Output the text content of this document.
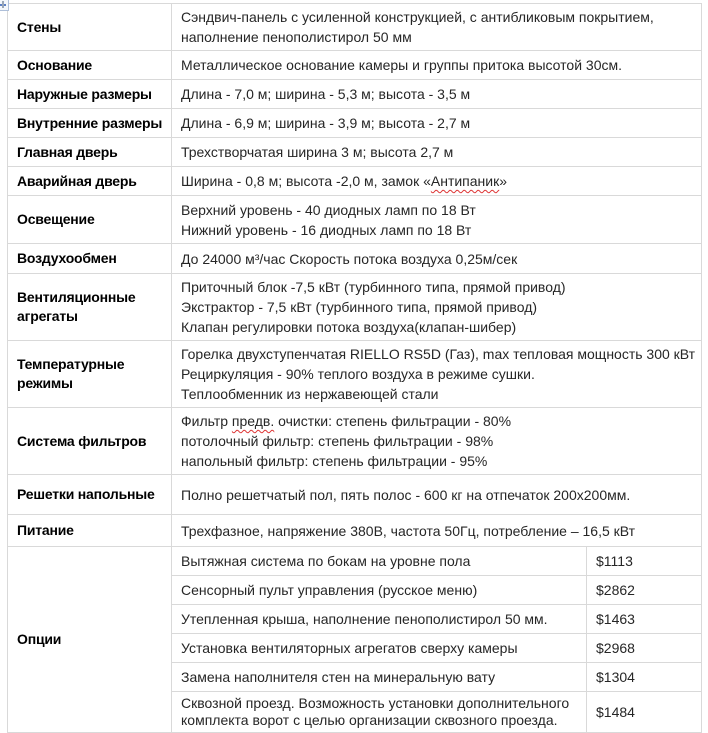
Стены	Сэндвич-панель с усиленной конструкцией, с антибликовым покрытием,
наполнение пенополистирол 50 мм	

Основание	Металлическое основание камеры и группы притока высотой 30см.	

Наружные размеры	Длина - 7,0 м; ширина - 5,3 м; высота - 3,5 м	

Внутренние размеры	Длина - 6,9 м; ширина - 3,9 м; высота - 2,7 м	

Главная дверь	Трехстворчатая ширина 3 м; высота 2,7 м	

Аварийная дверь	Ширина - 0,8 м; высота -2,0 м, замок «Антипаник»	

Освещение	Верхний уровень - 40 диодных ламп по 18 Вт
Нижний уровень - 16 диодных ламп по 18 Вт	

Воздухообмен	До 24000 м³/час Скорость потока воздуха 0,25м/сек	

Вентиляционные агрегаты	Приточный блок -7,5 кВт (турбинного типа, прямой привод)
Экстрактор - 7,5 кВт (турбинного типа, прямой привод)
Клапан регулировки потока воздуха(клапан-шибер)	

Температурные режимы	Горелка двухступенчатая RIELLO RS5D (Газ), max тепловая мощность 300 кВт
Рециркуляция - 90% теплого воздуха в режиме сушки.
Теплообменник из нержавеющей стали	

Система фильтров	Фильтр предв. очистки: степень фильтрации - 80%
потолочный фильтр: степень фильтрации - 98%
напольный фильтр: степень фильтрации - 95%	

Решетки напольные	Полно решетчатый пол, пять полос - 600 кг на отпечаток 200х200мм.	

Питание	Трехфазное, напряжение 380В, частота 50Гц, потребление – 16,5 кВт	

Опции	Вытяжная система по бокам на уровне пола	$1113

	Сенсорный пульт управления (русское меню)	$2862

	Утепленная крыша, наполнение пенополистирол 50 мм.	$1463

	Установка вентиляторных агрегатов сверху камеры	$2968

	Замена наполнителя стен на минеральную вату	$1304

	Сквозной проезд. Возможность установки дополнительного
комплекта ворот с целью организации сквозного проезда.	$1484
